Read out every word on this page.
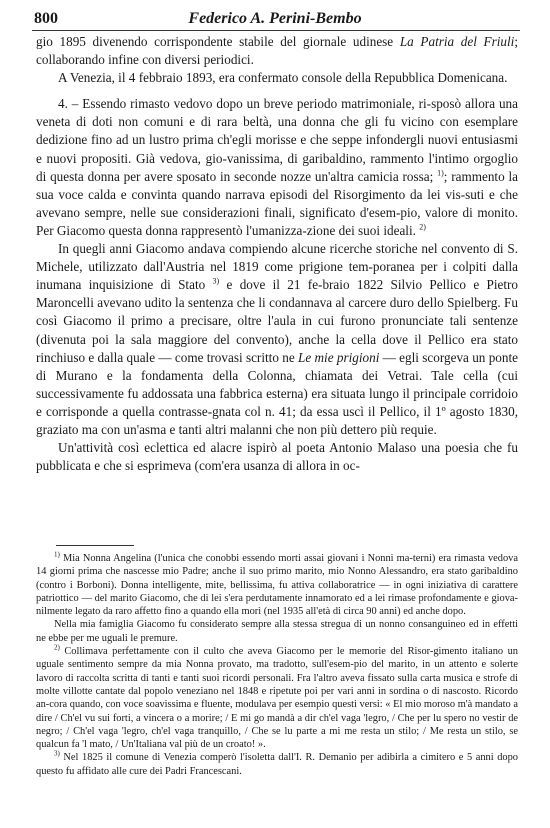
800	Federico A. Perini-Bembo

gio 1895 divenendo corrispondente stabile del giornale udinese La Patria del Friuli; collaborando infine con diversi periodici.

A Venezia, il 4 febbraio 1893, era confermato console della Repubblica Domenicana.

4. – Essendo rimasto vedovo dopo un breve periodo matrimoniale, ri-sposò allora una veneta di doti non comuni e di rara beltà, una donna che gli fu vicino con esemplare dedizione fino ad un lustro prima ch'egli morisse e che seppe infondergli nuovi entusiasmi e nuovi propositi. Già vedova, gio-vanissima, di garibaldino, rammento l'intimo orgoglio di questa donna per avere sposato in seconde nozze un'altra camicia rossa; $^{1)}$; rammento la sua voce calda e convinta quando narrava episodi del Risorgimento da lei vis-suti e che avevano sempre, nelle sue considerazioni finali, significato d'esem-pio, valore di monito. Per Giacomo questa donna rappresentò l'umanizza-zione dei suoi ideali. $^{2)}$

In quegli anni Giacomo andava compiendo alcune ricerche storiche nel convento di S. Michele, utilizzato dall'Austria nel 1819 come prigione tem-poranea per i colpiti dalla inumana inquisizione di Stato $^{3)}$ e dove il 21 fe-braio 1822 Silvio Pellico e Pietro Maroncelli avevano udito la sentenza che li condannava al carcere duro dello Spielberg. Fu così Giacomo il primo a precisare, oltre l'aula in cui furono pronunciate tali sentenze (divenuta poi la sala maggiore del convento), anche la cella dove il Pellico era stato rinchiuso e dalla quale — come trovasi scritto ne Le mie prigioni — egli scorgeva un ponte di Murano e la fondamenta della Colonna, chiamata dei Vetrai. Tale cella (cui successivamente fu addossata una fabbrica esterna) era situata lungo il principale corridoio e corrisponde a quella contrasse-gnata col n. 41; da essa uscì il Pellico, il 1º agosto 1830, graziato ma con un'asma e tanti altri malanni che non più dettero più requie.

Un'attività così eclettica ed alacre ispirò al poeta Antonio Malaso una poesia che fu pubblicata e che si esprimeva (com'era usanza di allora in oc-

$^{1)}$ Mia Nonna Angelina (l'unica che conobbi essendo morti assai giovani i Nonni ma-terni) era rimasta vedova 14 giorni prima che nascesse mio Padre; anche il suo primo marito, mio Nonno Alessandro, era stato garibaldino (contro i Borboni). Donna intelligente, mite, bellissima, fu attiva collaboratrice — in ogni iniziativa di carattere patriottico — del marito Giacomo, che di lei s'era perdutamente innamorato ed a lei rimase profondamente e giova-nilmente legato da raro affetto fino a quando ella morì (nel 1935 all'età di circa 90 anni) ed anche dopo.

Nella mia famiglia Giacomo fu considerato sempre alla stessa stregua di un nonno consanguineo ed in effetti ne ebbe per me uguali le premure.

$^{2)}$ Collimava perfettamente con il culto che aveva Giacomo per le memorie del Risor-gimento italiano un uguale sentimento sempre da mia Nonna provato, ma tradotto, sull'esem-pio del marito, in un attento e solerte lavoro di raccolta scritta di tanti e tanti suoi ricordi personali. Fra l'altro aveva fissato sulla carta musica e strofe di molte villotte cantate dal popolo veneziano nel 1848 e ripetute poi per vari anni in sordina o di nascosto. Ricordo an-cora quando, con voce soavissima e fluente, modulava per esempio questi versi: « El mio moroso m'à mandato a dire / Ch'el vu sui forti, a vincera o a morire; / E mi go mandà a dir ch'el vaga 'legro, / Che per lu spero no vestir de negro; / Ch'el vaga 'legro, ch'el vaga tranquillo, / Che se lu parte a mi me resta un stilo; / Me resta un stilo, se qualcun fa 'l mato, / Un'Italiana val più de un croato! ».

$^{3)}$ Nel 1825 il comune di Venezia comperò l'isoletta dall'I. R. Demanio per adibirla a cimitero e 5 anni dopo questo fu affidato alle cure dei Padri Francescani.
